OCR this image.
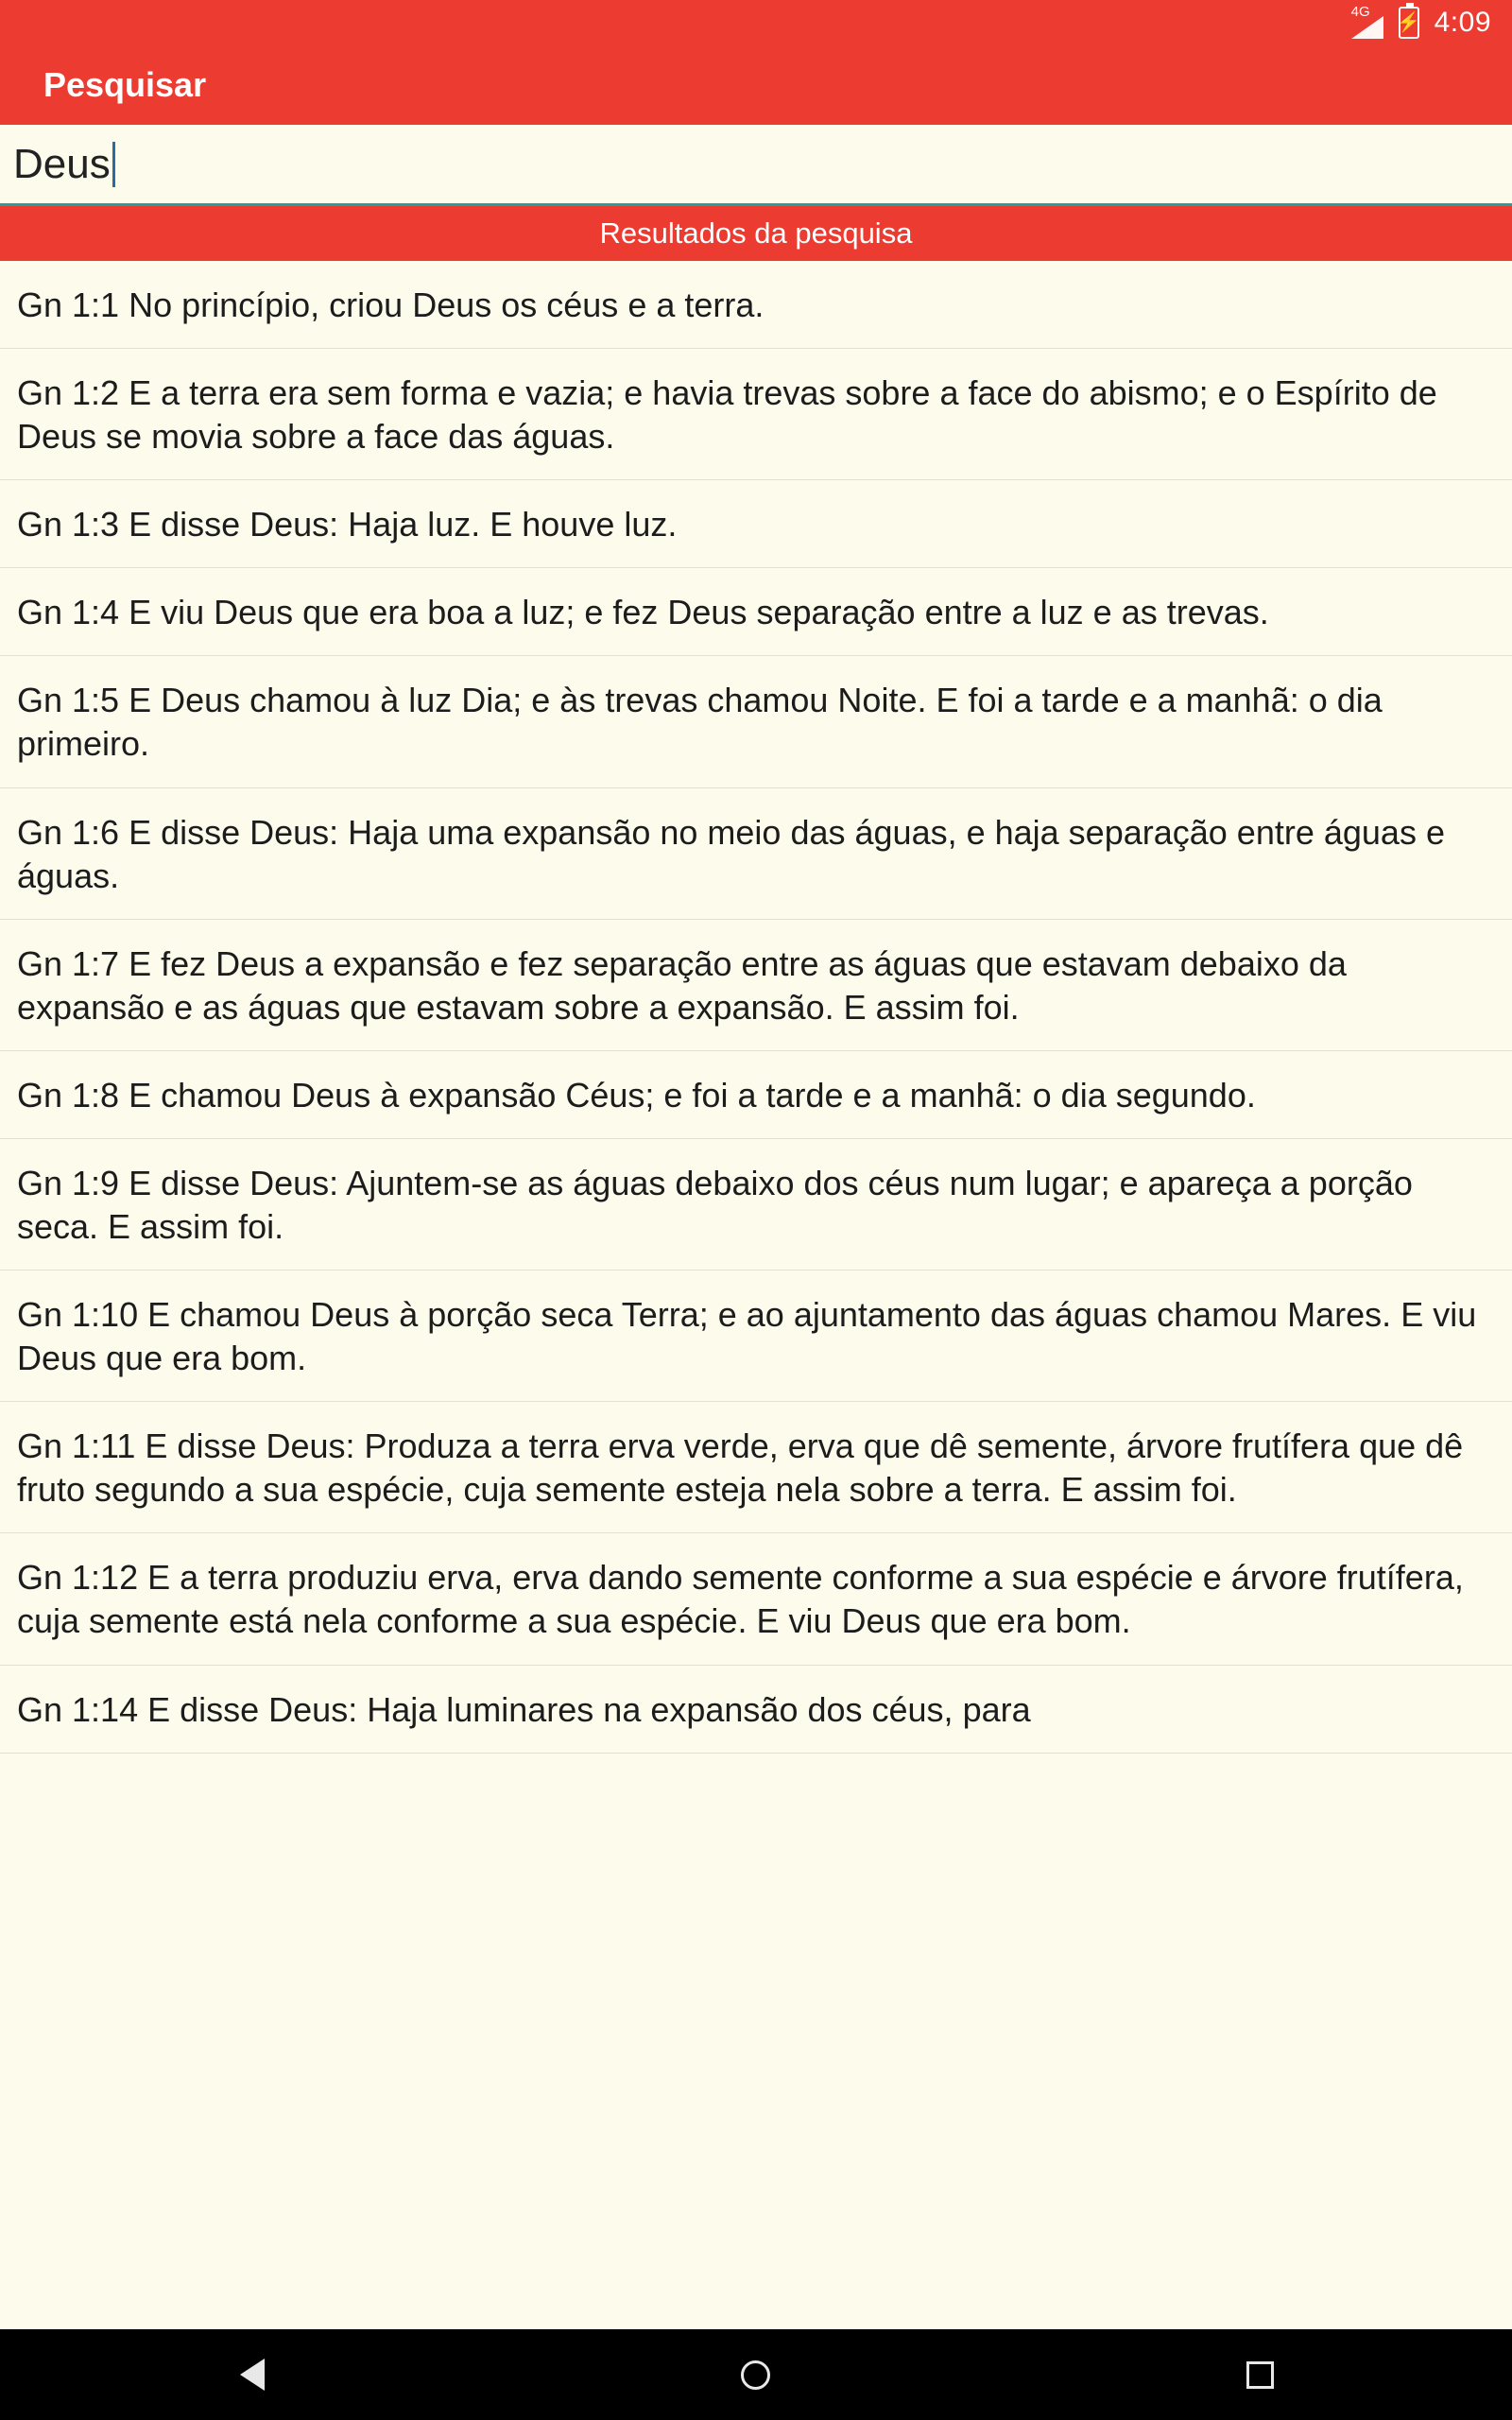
4G
⚡ 4:09
Pesquisar
Deus
Resultados da pesquisa
Gn 1:1 No princípio, criou Deus os céus e a terra.
Gn 1:2 E a terra era sem forma e vazia; e havia trevas sobre a face do abismo; e o Espírito de Deus se movia sobre a face das águas.
Gn 1:3 E disse Deus: Haja luz. E houve luz.
Gn 1:4 E viu Deus que era boa a luz; e fez Deus separação entre a luz e as trevas.
Gn 1:5 E Deus chamou à luz Dia; e às trevas chamou Noite. E foi a tarde e a manhã: o dia primeiro.
Gn 1:6 E disse Deus: Haja uma expansão no meio das águas, e haja separação entre águas e águas.
Gn 1:7 E fez Deus a expansão e fez separação entre as águas que estavam debaixo da expansão e as águas que estavam sobre a expansão. E assim foi.
Gn 1:8 E chamou Deus à expansão Céus; e foi a tarde e a manhã: o dia segundo.
Gn 1:9 E disse Deus: Ajuntem-se as águas debaixo dos céus num lugar; e apareça a porção seca. E assim foi.
Gn 1:10 E chamou Deus à porção seca Terra; e ao ajuntamento das águas chamou Mares. E viu Deus que era bom.
Gn 1:11 E disse Deus: Produza a terra erva verde, erva que dê semente, árvore frutífera que dê fruto segundo a sua espécie, cuja semente esteja nela sobre a terra. E assim foi.
Gn 1:12 E a terra produziu erva, erva dando semente conforme a sua espécie e árvore frutífera, cuja semente está nela conforme a sua espécie. E viu Deus que era bom.
Gn 1:14 E disse Deus: Haja luminares na expansão dos céus, para
